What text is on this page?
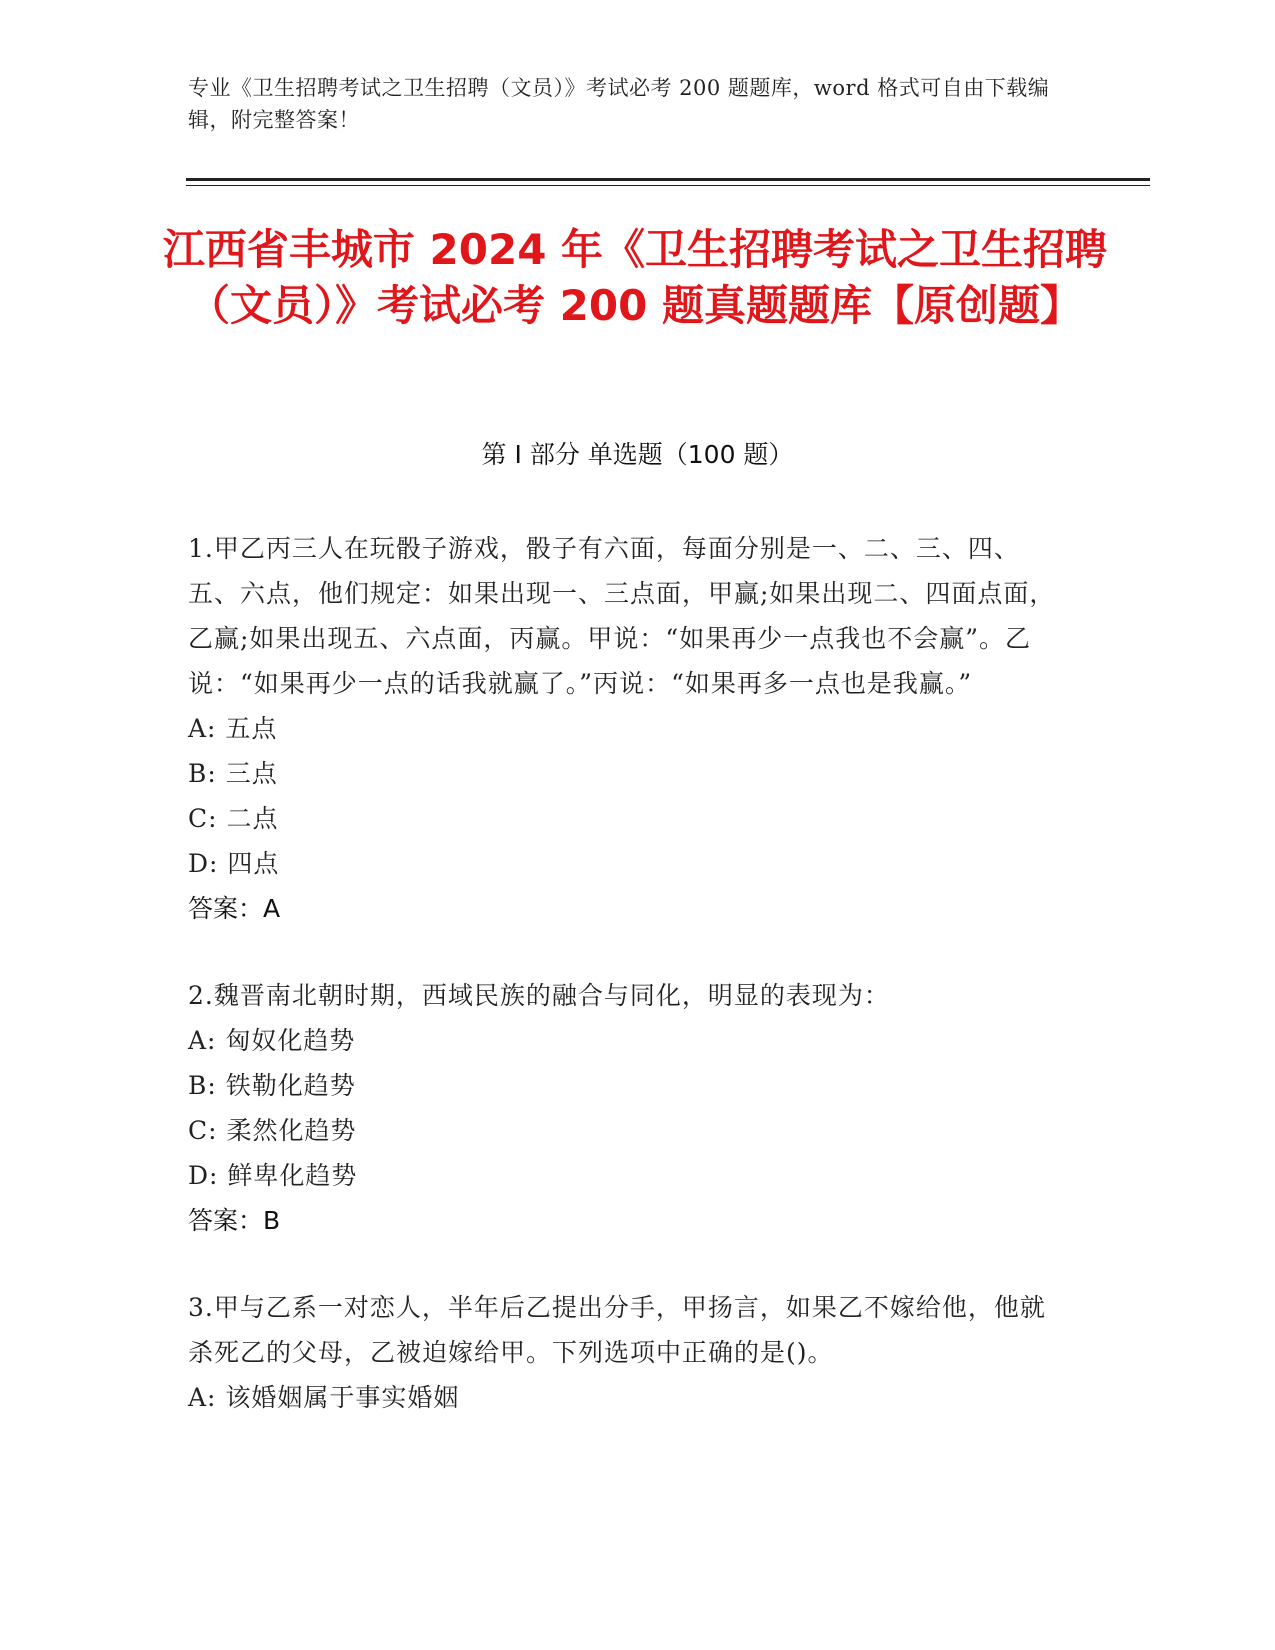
专业《卫生招聘考试之卫生招聘（文员）》考试必考 200 题题库，word 格式可自由下载编辑，附完整答案！
江西省丰城市 2024 年《卫生招聘考试之卫生招聘（文员）》考试必考 200 题真题题库【原创题】
第 I 部分 单选题（100 题）
1.甲乙丙三人在玩骰子游戏，骰子有六面，每面分别是一、二、三、四、五、六点，他们规定：如果出现一、三点面，甲赢;如果出现二、四面点面，乙赢;如果出现五、六点面，丙赢。甲说：“如果再少一点我也不会赢”。乙说：“如果再少一点的话我就赢了。”丙说：“如果再多一点也是我赢。”
A: 五点
B: 三点
C: 二点
D: 四点
答案：A
2.魏晋南北朝时期，西域民族的融合与同化，明显的表现为：
A: 匈奴化趋势
B: 铁勒化趋势
C: 柔然化趋势
D: 鲜卑化趋势
答案：B
3.甲与乙系一对恋人，半年后乙提出分手，甲扬言，如果乙不嫁给他，他就杀死乙的父母，乙被迫嫁给甲。下列选项中正确的是()。
A: 该婚姻属于事实婚姻
